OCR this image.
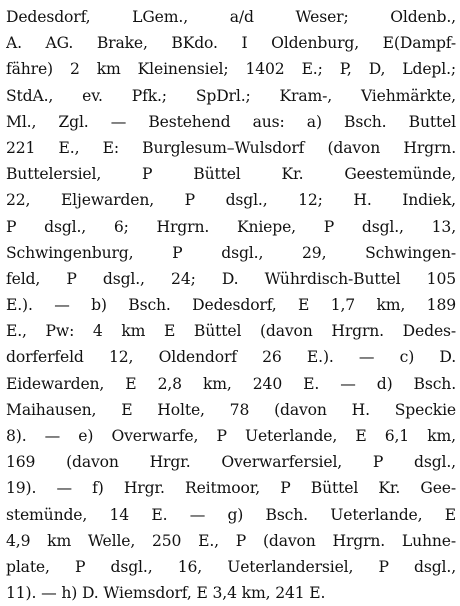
Dedesdorf, LGem., a/d Weser; Oldenb.,
A. AG. Brake, BKdo. I Oldenburg, E(Dampf-
fähre) 2 km Kleinensiel; 1402 E.; P, D, Ldepl.;
StdA., ev. Pfk.; SpDrl.; Kram-, Viehmärkte,
Ml., Zgl. — Bestehend aus: a) Bsch. Buttel
221 E., E: Burglesum–Wulsdorf (davon Hrgrn.
Buttelersiel, P Büttel Kr. Geestemünde,
22, Eljewarden, P dsgl., 12; H. Indiek,
P dsgl., 6; Hrgrn. Kniepe, P dsgl., 13,
Schwingenburg, P dsgl., 29, Schwingen-
feld, P dsgl., 24; D. Wührdisch-Buttel 105
E.). — b) Bsch. Dedesdorf, E 1,7 km, 189
E., Pw: 4 km E Büttel (davon Hrgrn. Dedes-
dorferfeld 12, Oldendorf 26 E.). — c) D.
Eidewarden, E 2,8 km, 240 E. — d) Bsch.
Maihausen, E Holte, 78 (davon H. Speckie
8). — e) Overwarfe, P Ueterlande, E 6,1 km,
169 (davon Hrgr. Overwarfersiel, P dsgl.,
19). — f) Hrgr. Reitmoor, P Büttel Kr. Gee-
stemünde, 14 E. — g) Bsch. Ueterlande, E
4,9 km Welle, 250 E., P (davon Hrgrn. Luhne-
plate, P dsgl., 16, Ueterlandersiel, P dsgl.,
11). — h) D. Wiemsdorf, E 3,4 km, 241 E.
